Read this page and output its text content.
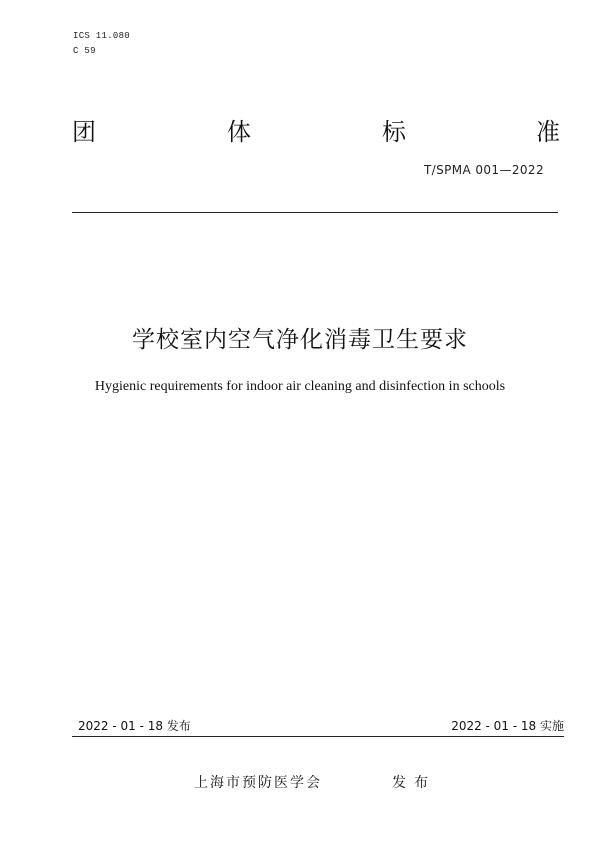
ICS 11.080
C 59
团	体	标	准
T/SPMA 001—2022
学校室内空气净化消毒卫生要求
Hygienic requirements for indoor air cleaning and disinfection in schools
2022 - 01 - 18 发布	2022 - 01 - 18 实施
上海市预防医学会	发布
